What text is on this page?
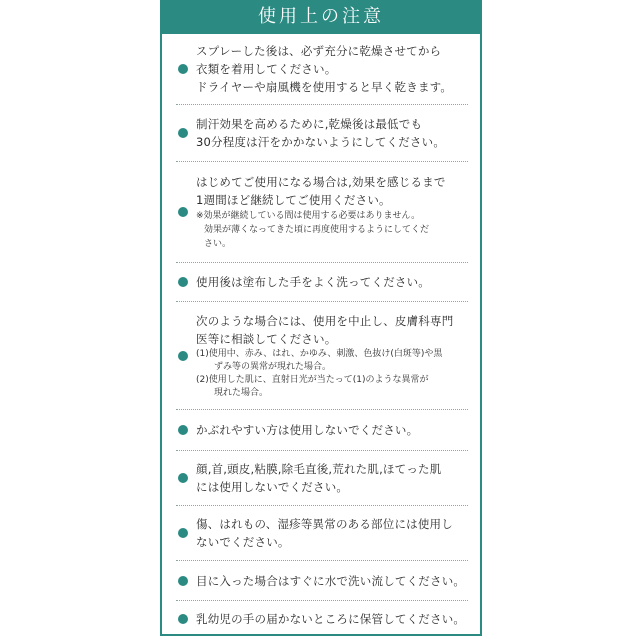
使用上の注意
スプレーした後は、必ず充分に乾燥させてから
衣類を着用してください。
ドライヤーや扇風機を使用すると早く乾きます。
制汗効果を高めるために,乾燥後は最低でも
30分程度は汗をかかないようにしてください。
はじめてご使用になる場合は,効果を感じるまで
1週間ほど継続してご使用ください。
※効果が継続している間は使用する必要はありません。
効果が薄くなってきた頃に再度使用するようにしてくだ
さい。
使用後は塗布した手をよく洗ってください。
次のような場合には、使用を中止し、皮膚科専門
医等に相談してください。
(1)使用中、赤み、はれ、かゆみ、刺激、色抜け(白斑等)や黒
ずみ等の異常が現れた場合。
(2)使用した肌に、直射日光が当たって(1)のような異常が
現れた場合。
かぶれやすい方は使用しないでください。
顔,首,頭皮,粘膜,除毛直後,荒れた肌,ほてった肌
には使用しないでください。
傷、はれもの、湿疹等異常のある部位には使用し
ないでください。
目に入った場合はすぐに水で洗い流してください。
乳幼児の手の届かないところに保管してください。
